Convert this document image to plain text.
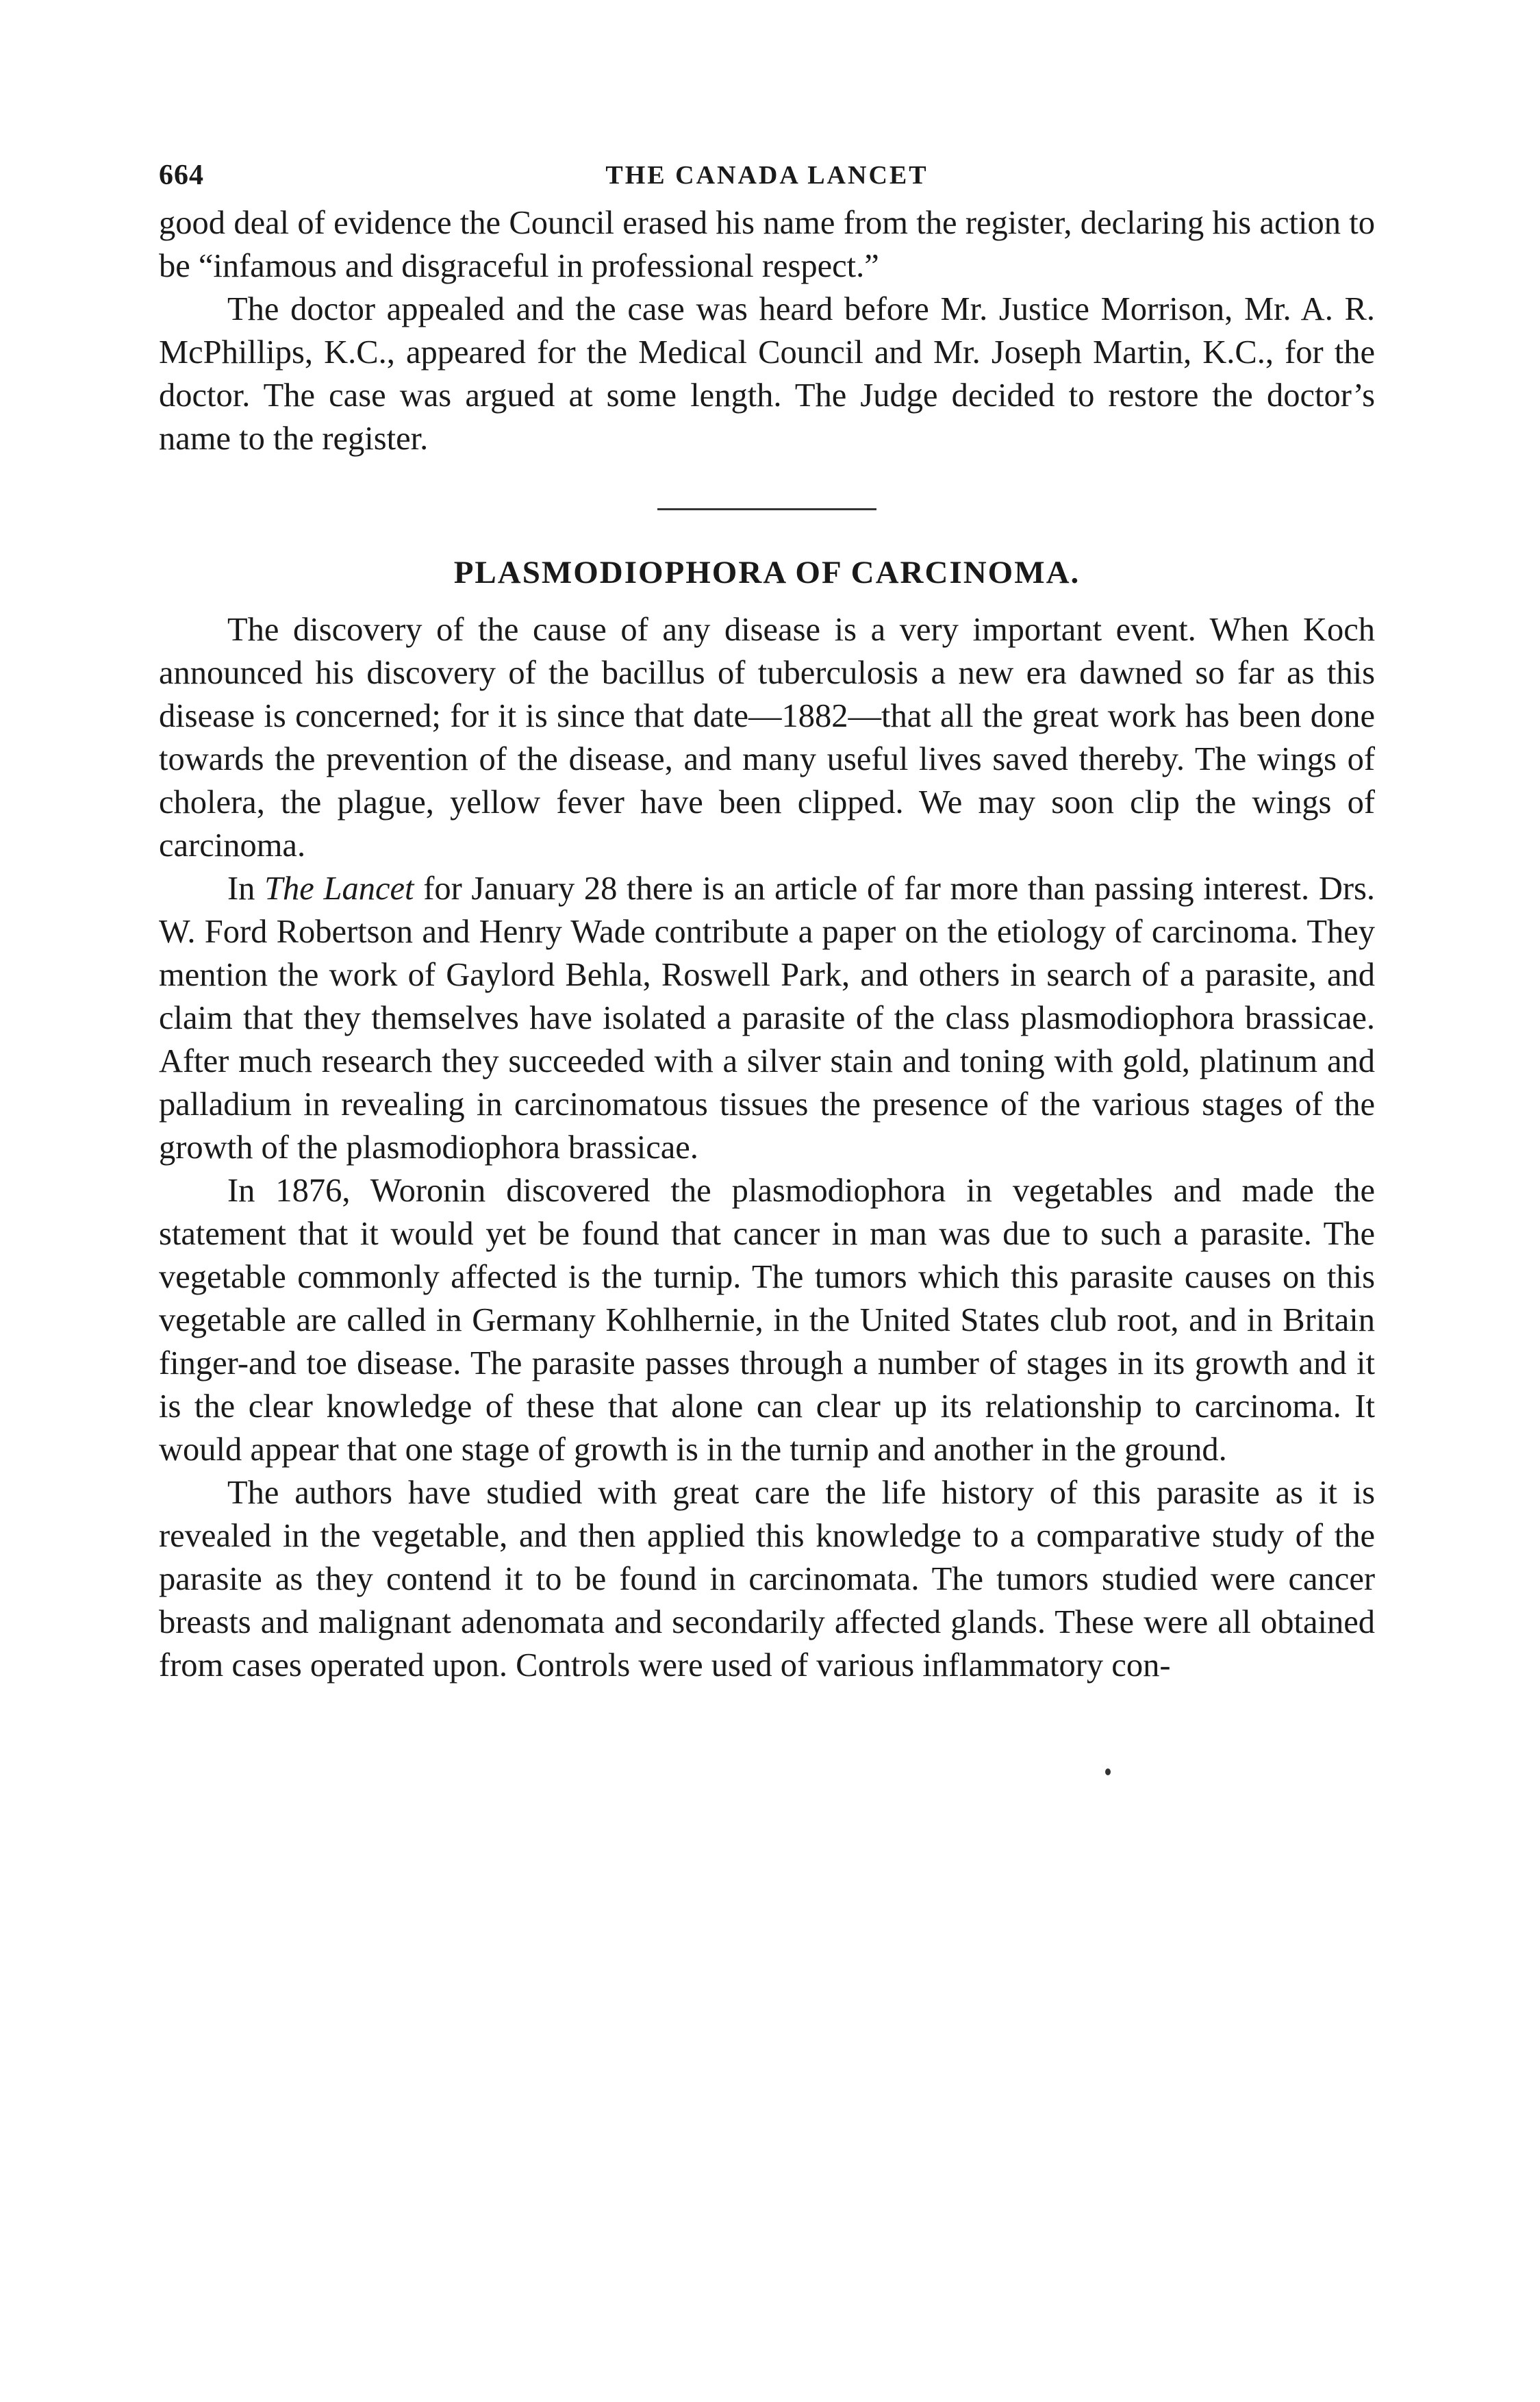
664	THE CANADA LANCET

good deal of evidence the Council erased his name from the register, declaring his action to be “infamous and disgraceful in professional respect.”

The doctor appealed and the case was heard before Mr. Justice Morrison, Mr. A. R. McPhillips, K.C., appeared for the Medical Council and Mr. Joseph Martin, K.C., for the doctor. The case was argued at some length. The Judge decided to restore the doctor’s name to the register.

PLASMODIOPHORA OF CARCINOMA.

The discovery of the cause of any disease is a very important event. When Koch announced his discovery of the bacillus of tuberculosis a new era dawned so far as this disease is concerned; for it is since that date—1882—that all the great work has been done towards the prevention of the disease, and many useful lives saved thereby. The wings of cholera, the plague, yellow fever have been clipped. We may soon clip the wings of carcinoma.

In The Lancet for January 28 there is an article of far more than passing interest. Drs. W. Ford Robertson and Henry Wade contribute a paper on the etiology of carcinoma. They mention the work of Gaylord Behla, Roswell Park, and others in search of a parasite, and claim that they themselves have isolated a parasite of the class plasmodiophora brassicae. After much research they succeeded with a silver stain and toning with gold, platinum and palladium in revealing in carcinomatous tissues the presence of the various stages of the growth of the plasmodiophora brassicae.

In 1876, Woronin discovered the plasmodiophora in vegetables and made the statement that it would yet be found that cancer in man was due to such a parasite. The vegetable commonly affected is the turnip. The tumors which this parasite causes on this vegetable are called in Germany Kohlhernie, in the United States club root, and in Britain finger-and toe disease. The parasite passes through a number of stages in its growth and it is the clear knowledge of these that alone can clear up its relationship to carcinoma. It would appear that one stage of growth is in the turnip and another in the ground.

The authors have studied with great care the life history of this parasite as it is revealed in the vegetable, and then applied this knowledge to a comparative study of the parasite as they contend it to be found in carcinomata. The tumors studied were cancer breasts and malignant adenomata and secondarily affected glands. These were all obtained from cases operated upon. Controls were used of various inflammatory con-
